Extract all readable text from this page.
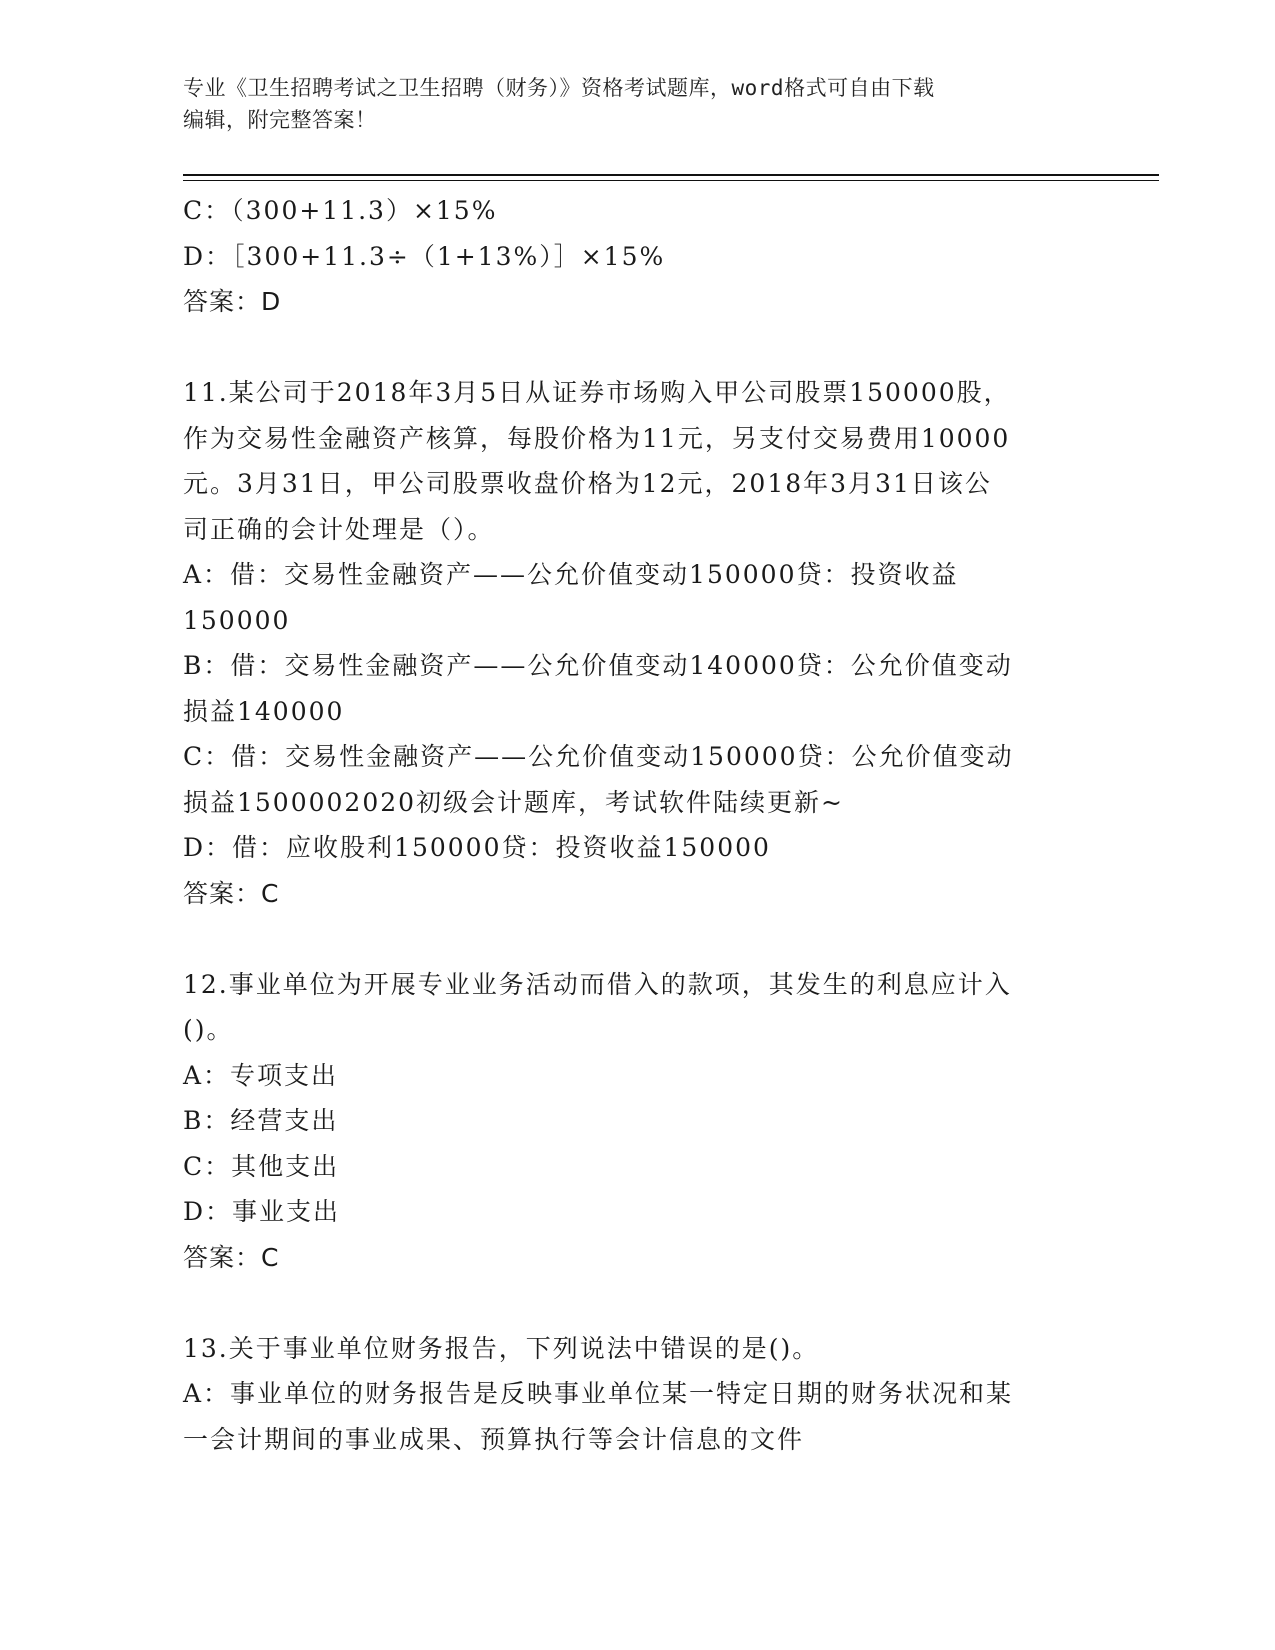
专业《卫生招聘考试之卫生招聘（财务）》资格考试题库，word格式可自由下载
编辑，附完整答案！
C：（300+11.3）×15%
D：［300+11.3÷（1+13%）］×15%
答案：D
11.某公司于2018年3月5日从证券市场购入甲公司股票150000股，
作为交易性金融资产核算，每股价格为11元，另支付交易费用10000
元。3月31日，甲公司股票收盘价格为12元，2018年3月31日该公
司正确的会计处理是（）。
A：借：交易性金融资产——公允价值变动150000贷：投资收益
150000
B：借：交易性金融资产——公允价值变动140000贷：公允价值变动
损益140000
C：借：交易性金融资产——公允价值变动150000贷：公允价值变动
损益1500002020初级会计题库，考试软件陆续更新~
D：借：应收股利150000贷：投资收益150000
答案：C
12.事业单位为开展专业业务活动而借入的款项，其发生的利息应计入
()。
A：专项支出
B：经营支出
C：其他支出
D：事业支出
答案：C
13.关于事业单位财务报告，下列说法中错误的是()。
A：事业单位的财务报告是反映事业单位某一特定日期的财务状况和某
一会计期间的事业成果、预算执行等会计信息的文件
